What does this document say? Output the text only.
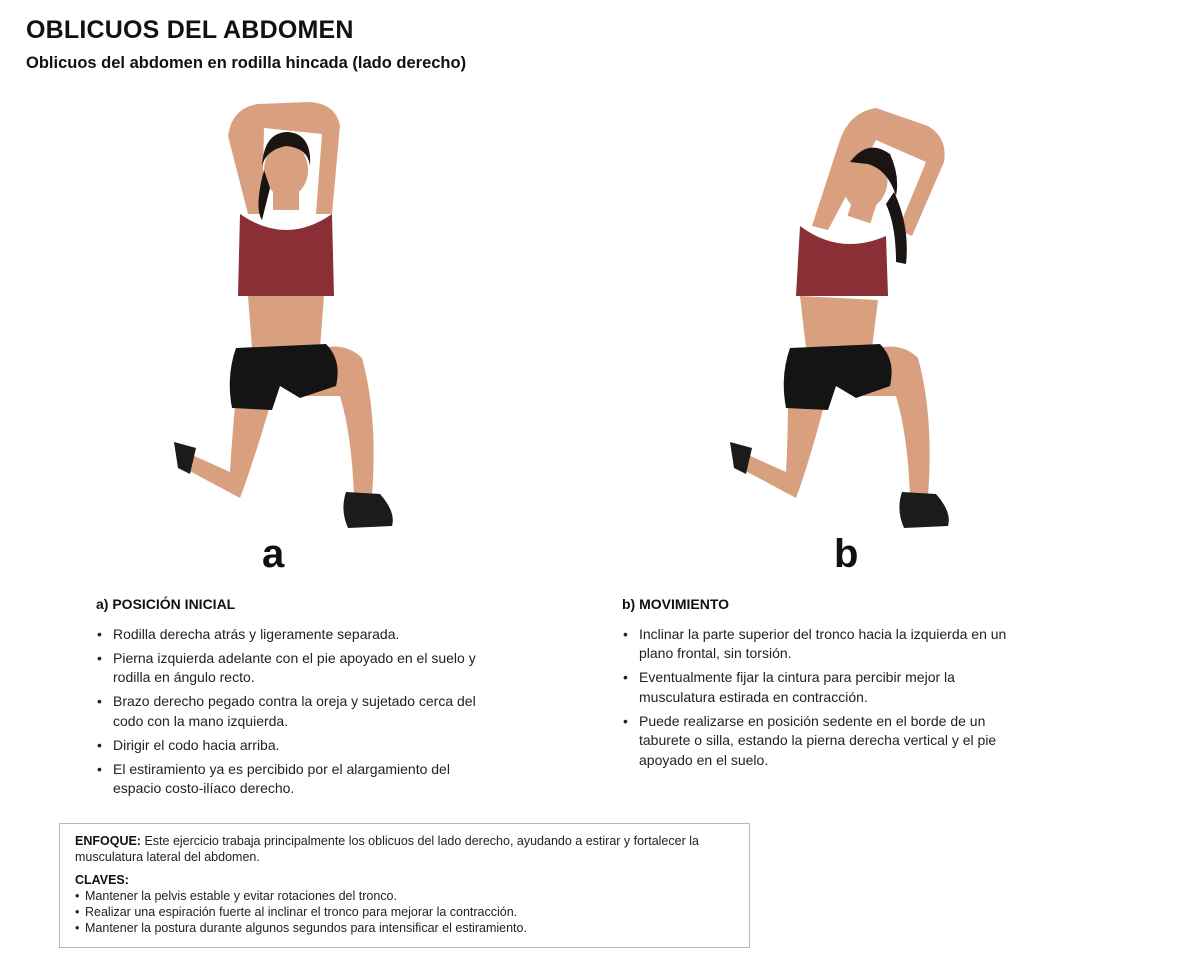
OBLICUOS DEL ABDOMEN
Oblicuos del abdomen en rodilla hincada (lado derecho)
a	b
a) POSICIÓN INICIAL
• Rodilla derecha atrás y ligeramente separada.
• Pierna izquierda adelante con el pie apoyado en el suelo y rodilla en ángulo recto.
• Brazo derecho pegado contra la oreja y sujetado cerca del codo con la mano izquierda.
• Dirigir el codo hacia arriba.
• El estiramiento ya es percibido por el alargamiento del espacio costo-ilíaco derecho.
b) MOVIMIENTO
• Inclinar la parte superior del tronco hacia la izquierda en un plano frontal, sin torsión.
• Eventualmente fijar la cintura para percibir mejor la musculatura estirada en contracción.
• Puede realizarse en posición sedente en el borde de un taburete o silla, estando la pierna derecha vertical y el pie apoyado en el suelo.

ENFOQUE: Este ejercicio trabaja principalmente los oblicuos del lado derecho, ayudando a estirar y fortalecer la musculatura lateral del abdomen.

CLAVES:

• Mantener la pelvis estable y evitar rotaciones del tronco.
• Realizar una espiración fuerte al inclinar el tronco para mejorar la contracción.
• Mantener la postura durante algunos segundos para intensificar el estiramiento.
